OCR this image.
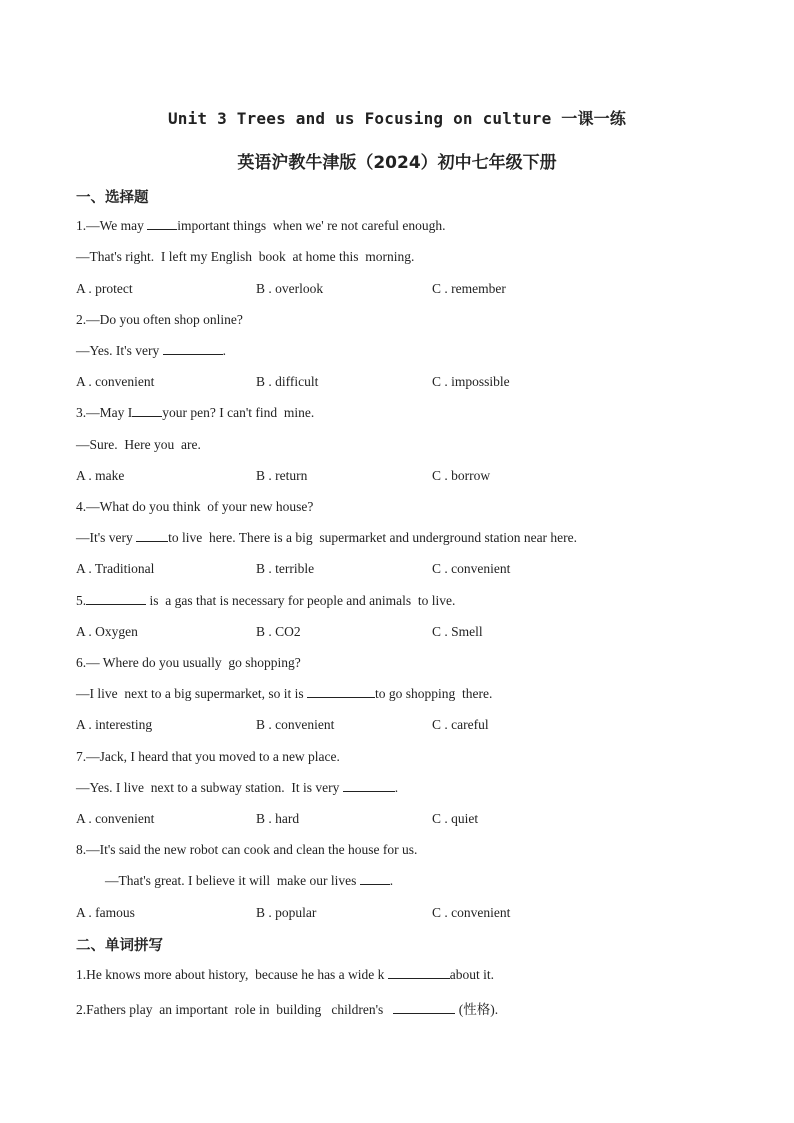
Unit 3 Trees and us Focusing on culture 一课一练
英语沪教牛津版（2024）初中七年级下册
一、选择题
1.—We may important things  when we' re not careful enough.
—That's right.  I left my English  book  at home this  morning.
A . protect	B . overlook	C . remember
2.—Do you often shop online?
—Yes. It's very	.
A . convenient	B . difficult	C . impossible
3.—May I your pen? I can't find  mine.
—Sure.  Here you  are.
A . make	B . return	C . borrow
4.—What do you think  of your new house?
—It's very to live  here. There is a big  supermarket and underground station near here.
A . Traditional	B . terrible	C . convenient
5.	is  a gas that is necessary for people and animals  to live.
A . Oxygen	B . CO2	C . Smell
6.— Where do you usually  go shopping?
—I live  next to a big supermarket, so it is	to go shopping  there.
A . interesting	B . convenient	C . careful
7.—Jack, I heard that you moved to a new place.
—Yes. I live  next to a subway station.  It is very	.
A . convenient	B . hard	C . quiet
8.—It's said the new robot can cook and clean the house for us.
—That's great. I believe it will  make our lives .
A . famous	B . popular	C . convenient
二、单词拼写
1.He knows more about history,  because he has a wide k	about it.
2.Fathers play  an important  role in  building   children's	(性格).
